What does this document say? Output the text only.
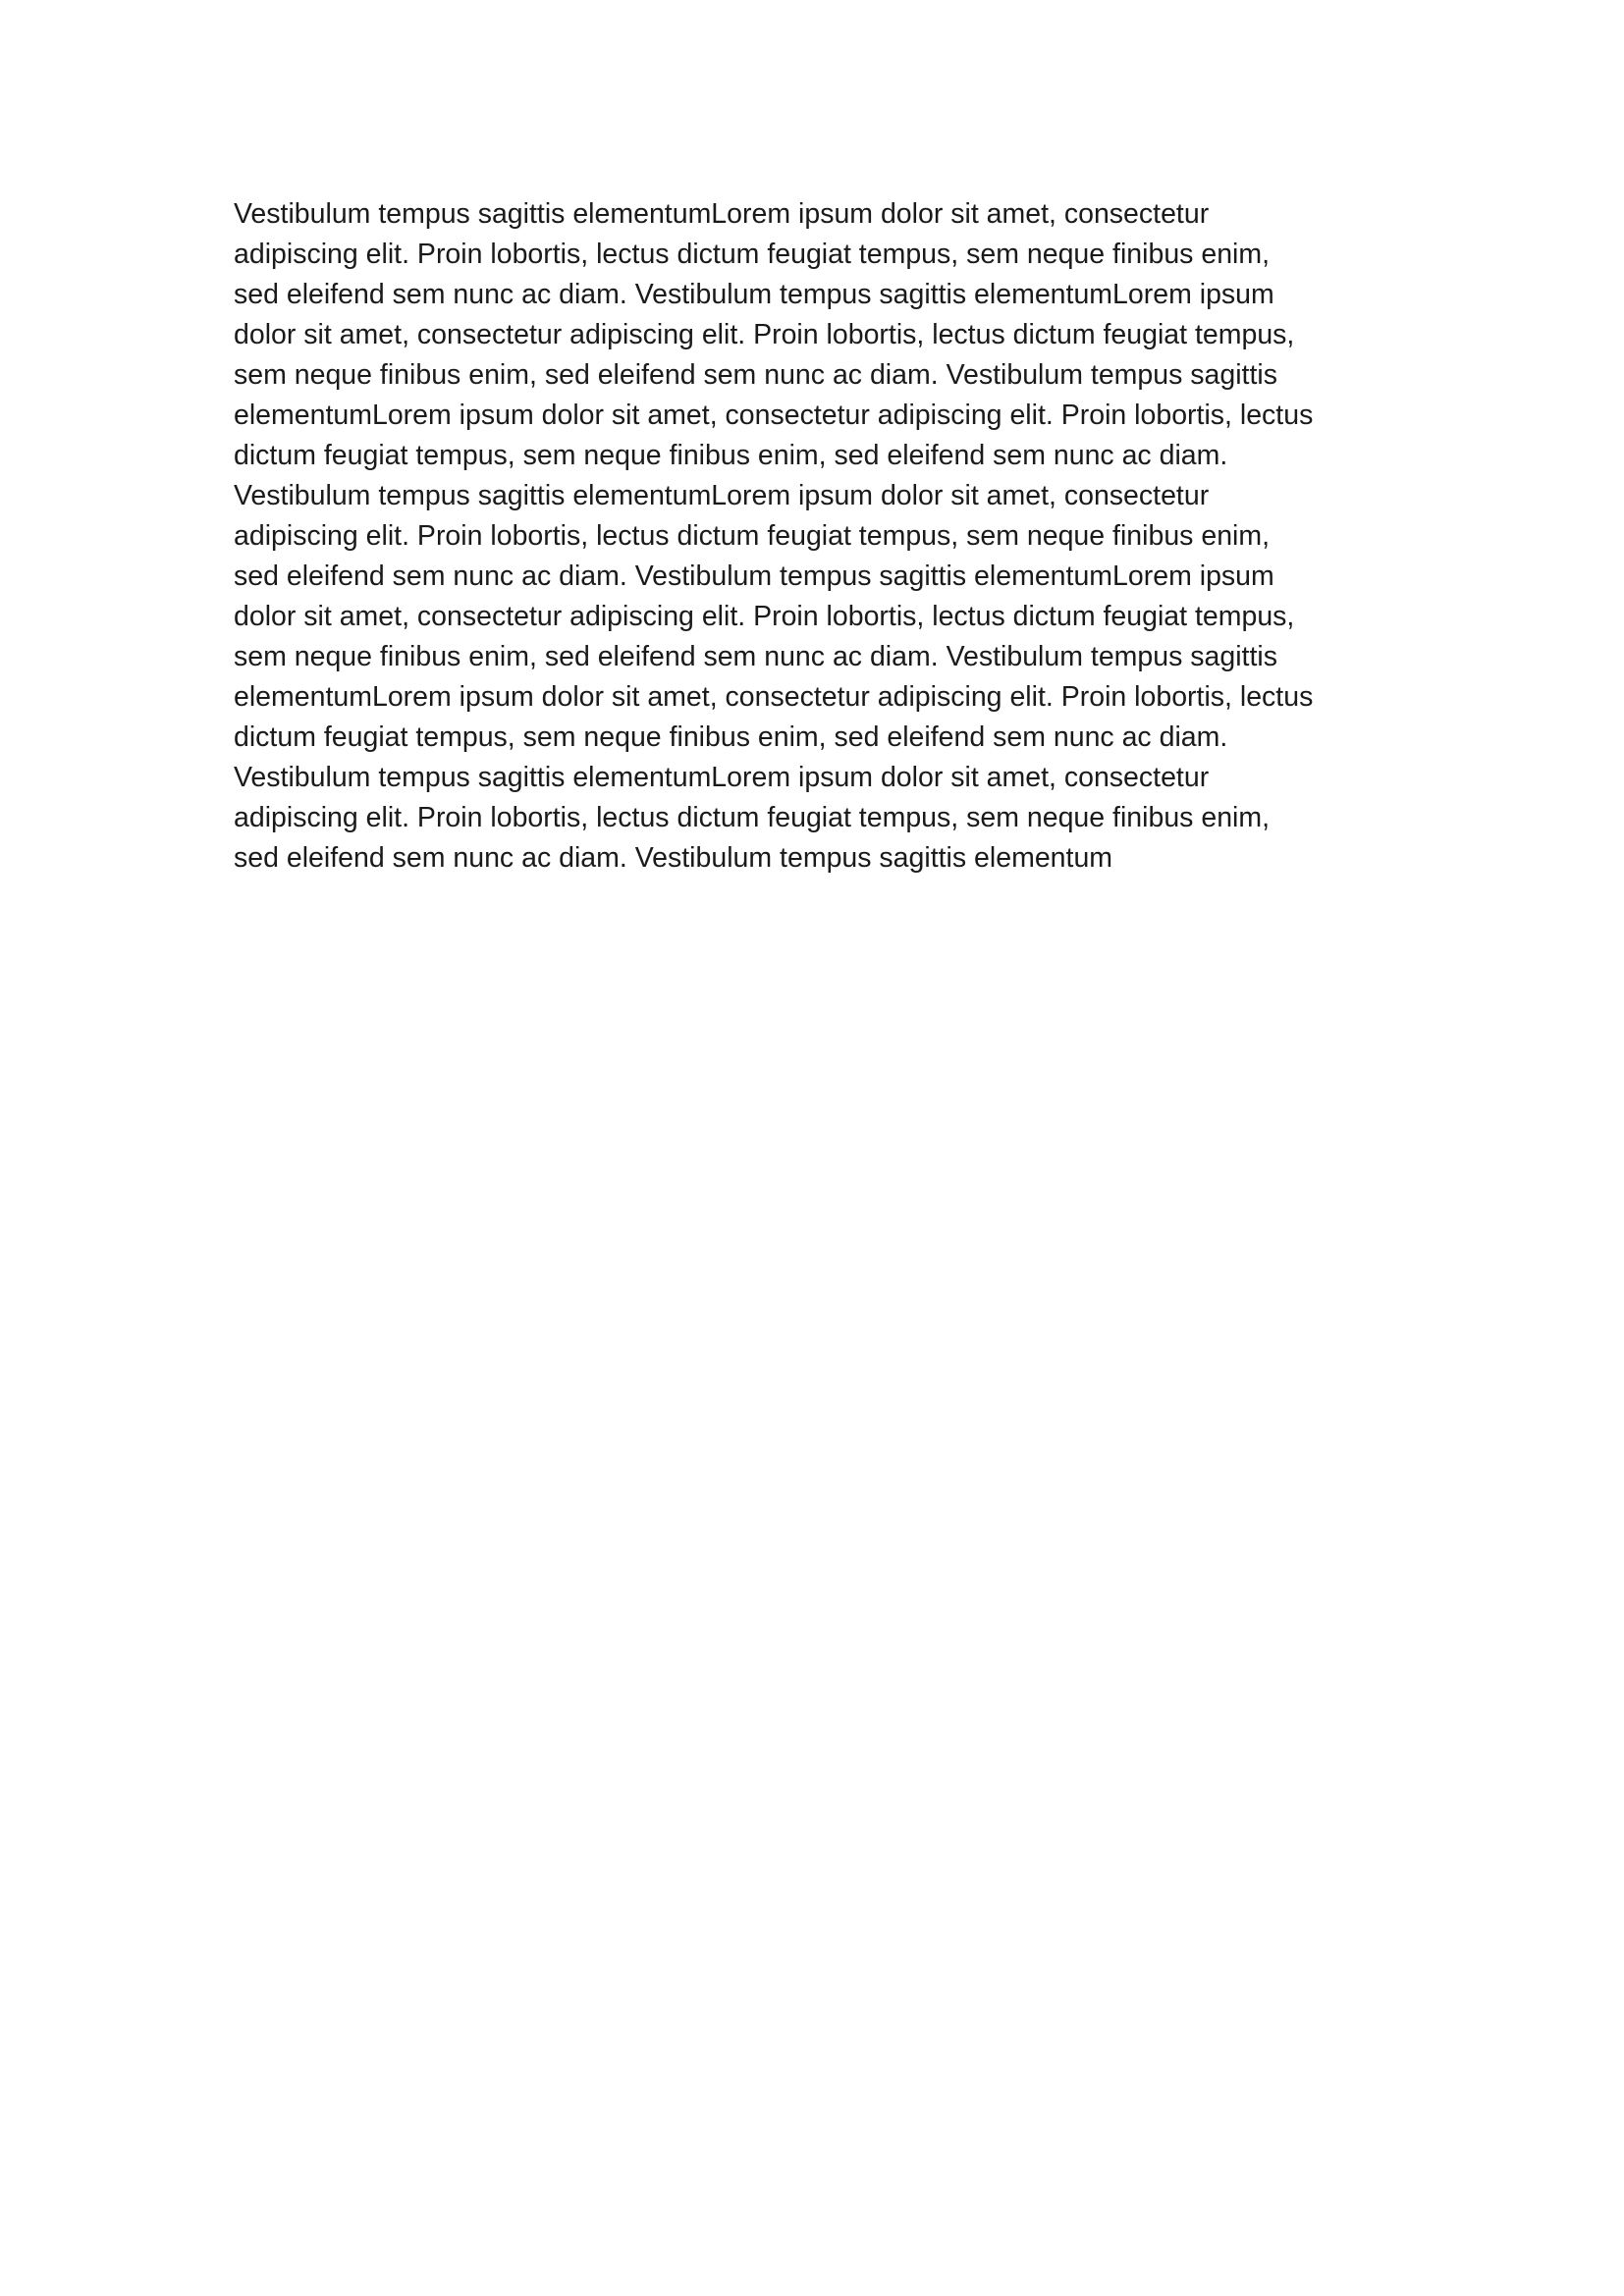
Vestibulum tempus sagittis elementumLorem ipsum dolor sit amet, consectetur
adipiscing elit. Proin lobortis, lectus dictum feugiat tempus, sem neque finibus enim,
sed eleifend sem nunc ac diam. Vestibulum tempus sagittis elementumLorem ipsum
dolor sit amet, consectetur adipiscing elit. Proin lobortis, lectus dictum feugiat tempus,
sem neque finibus enim, sed eleifend sem nunc ac diam. Vestibulum tempus sagittis
elementumLorem ipsum dolor sit amet, consectetur adipiscing elit. Proin lobortis, lectus
dictum feugiat tempus, sem neque finibus enim, sed eleifend sem nunc ac diam.
Vestibulum tempus sagittis elementumLorem ipsum dolor sit amet, consectetur
adipiscing elit. Proin lobortis, lectus dictum feugiat tempus, sem neque finibus enim,
sed eleifend sem nunc ac diam. Vestibulum tempus sagittis elementumLorem ipsum
dolor sit amet, consectetur adipiscing elit. Proin lobortis, lectus dictum feugiat tempus,
sem neque finibus enim, sed eleifend sem nunc ac diam. Vestibulum tempus sagittis
elementumLorem ipsum dolor sit amet, consectetur adipiscing elit. Proin lobortis, lectus
dictum feugiat tempus, sem neque finibus enim, sed eleifend sem nunc ac diam.
Vestibulum tempus sagittis elementumLorem ipsum dolor sit amet, consectetur
adipiscing elit. Proin lobortis, lectus dictum feugiat tempus, sem neque finibus enim,
sed eleifend sem nunc ac diam. Vestibulum tempus sagittis elementum
